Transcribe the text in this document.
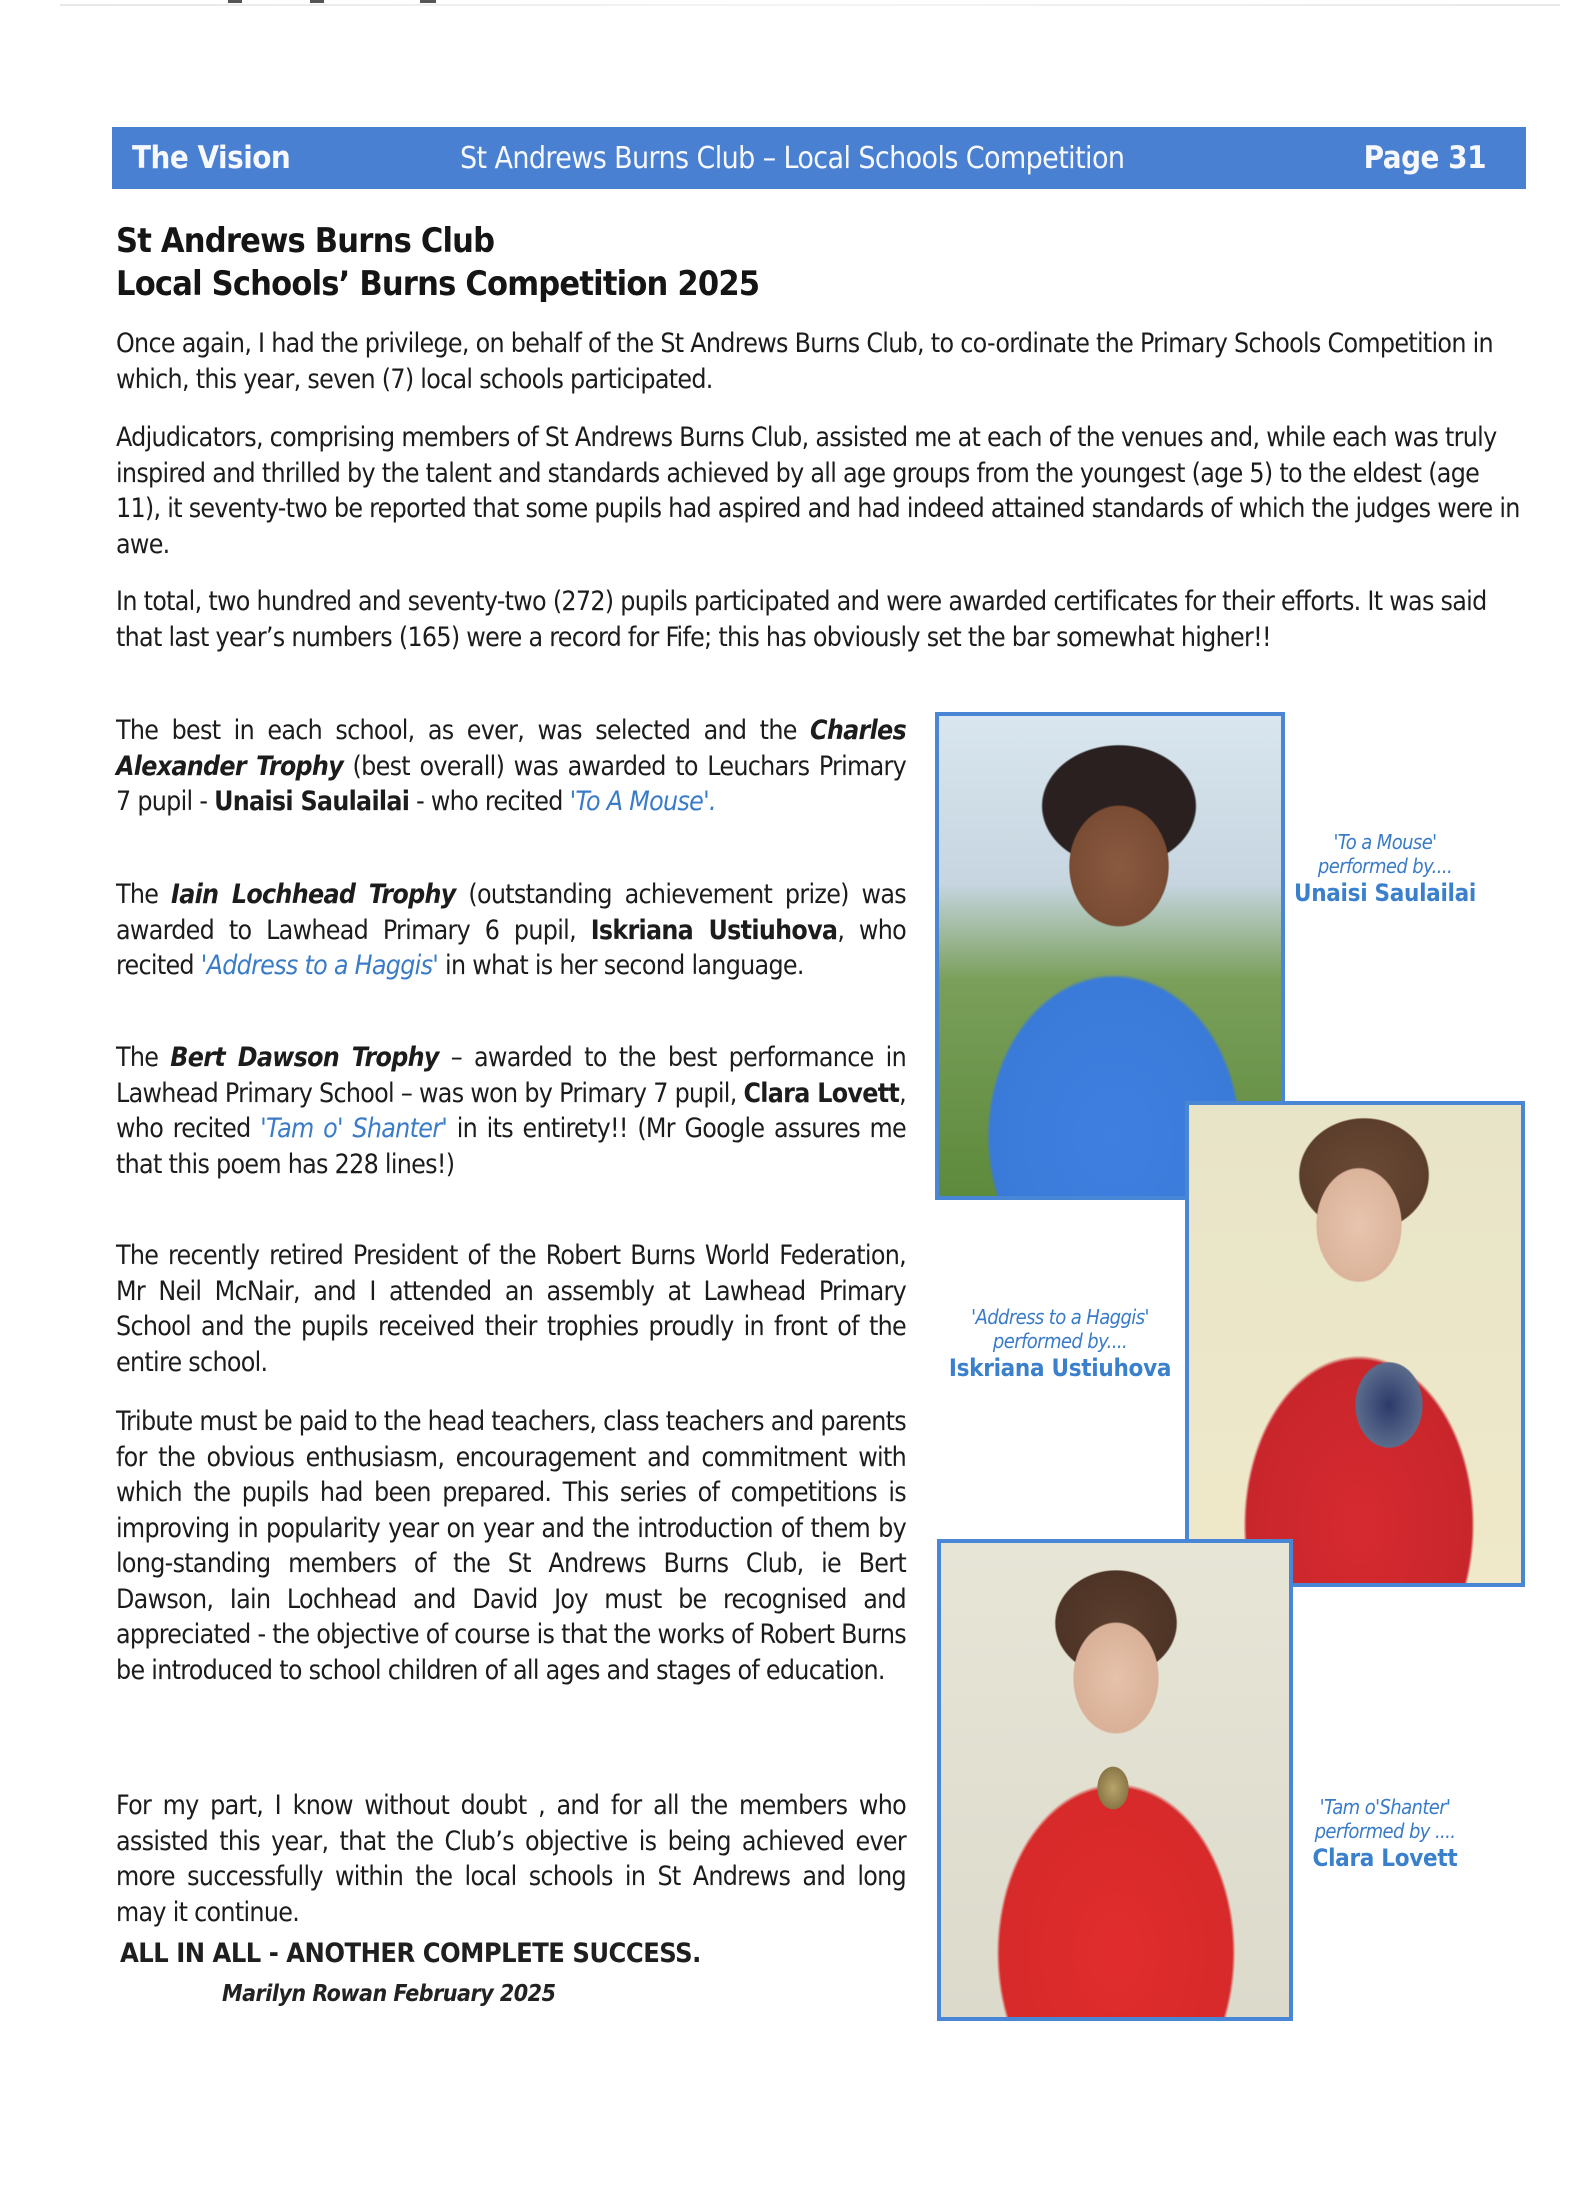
The Vision	St Andrews Burns Club – Local Schools Competition	Page 31
St Andrews Burns Club
Local Schools’ Burns Competition 2025

Once again, I had the privilege, on behalf of the St Andrews Burns Club, to co-ordinate the Primary Schools Competition in which, this year, seven (7) local schools participated.

Adjudicators, comprising members of St Andrews Burns Club, assisted me at each of the venues and, while each was truly inspired and thrilled by the talent and standards achieved by all age groups from the youngest (age 5) to the eldest (age 11), it seventy-two be reported that some pupils had aspired and had indeed attained standards of which the judges were in awe.

In total, two hundred and seventy-two (272) pupils participated and were awarded certificates for their efforts. It was said that last year’s numbers (165) were a record for Fife; this has obviously set the bar somewhat higher!!

The best in each school, as ever, was selected and the Charles Alexander Trophy (best overall) was awarded to Leuchars Primary 7 pupil - Unaisi Saulailai - who recited 'To A Mouse'.

The Iain Lochhead Trophy (outstanding achievement prize) was awarded to Lawhead Primary 6 pupil, Iskriana Ustiuhova, who recited 'Address to a Haggis' in what is her second language.

The Bert Dawson Trophy – awarded to the best performance in Lawhead Primary School – was won by Primary 7 pupil, Clara Lovett, who recited 'Tam o' Shanter' in its entirety!! (Mr Google assures me that this poem has 228 lines!)

The recently retired President of the Robert Burns World Federation, Mr Neil McNair, and I attended an assembly at Lawhead Primary School and the pupils received their trophies proudly in front of the entire school.

Tribute must be paid to the head teachers, class teachers and parents for the obvious enthusiasm, encouragement and commitment with which the pupils had been prepared. This series of competitions is improving in popularity year on year and the introduction of them by long-standing members of the St Andrews Burns Club, ie Bert Dawson, Iain Lochhead and David Joy must be recognised and appreciated - the objective of course is that the works of Robert Burns be introduced to school children of all ages and stages of education.

For my part, I know without doubt , and for all the members who assisted this year, that the Club’s objective is being achieved ever more successfully within the local schools in St Andrews and long may it continue.

ALL IN ALL - ANOTHER COMPLETE SUCCESS.
Marilyn Rowan February 2025
'To a Mouse'
performed by....
Unaisi Saulailai
'Address to a Haggis'
performed by....
Iskriana Ustiuhova
'Tam o'Shanter'
performed by ....
Clara Lovett
